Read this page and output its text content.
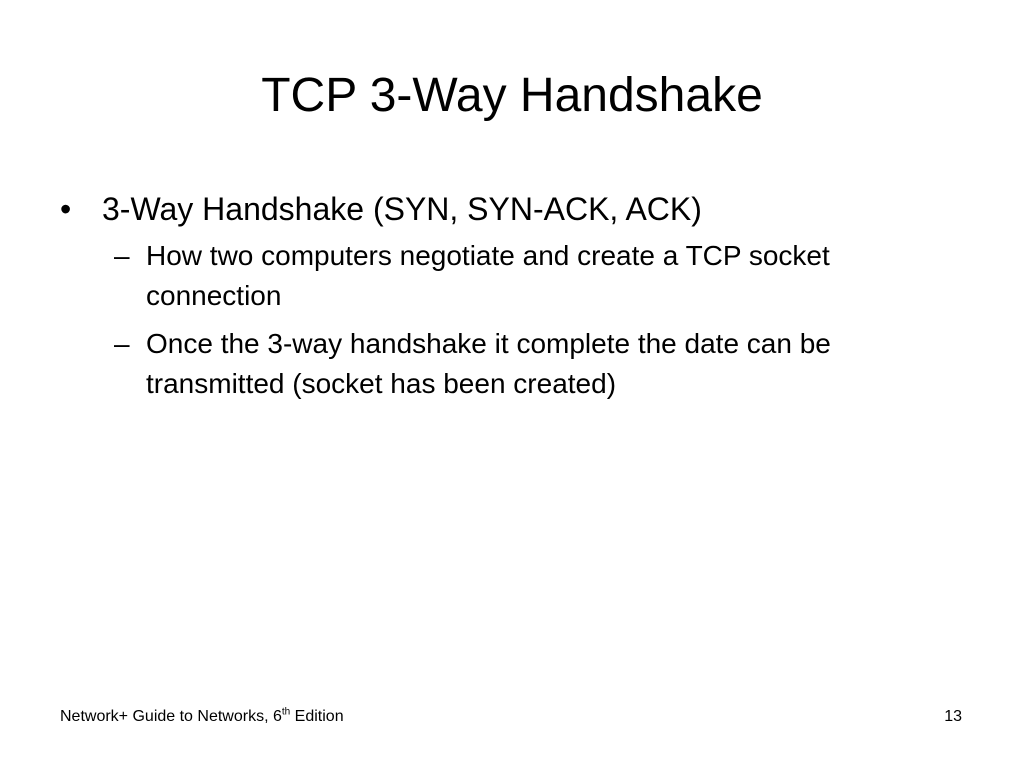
TCP 3-Way Handshake
• 3-Way Handshake (SYN, SYN-ACK, ACK)
– How two computers negotiate and create a TCP socket connection
– Once the 3-way handshake it complete the date can be transmitted (socket has been created)
Network+ Guide to Networks, 6th Edition	13
